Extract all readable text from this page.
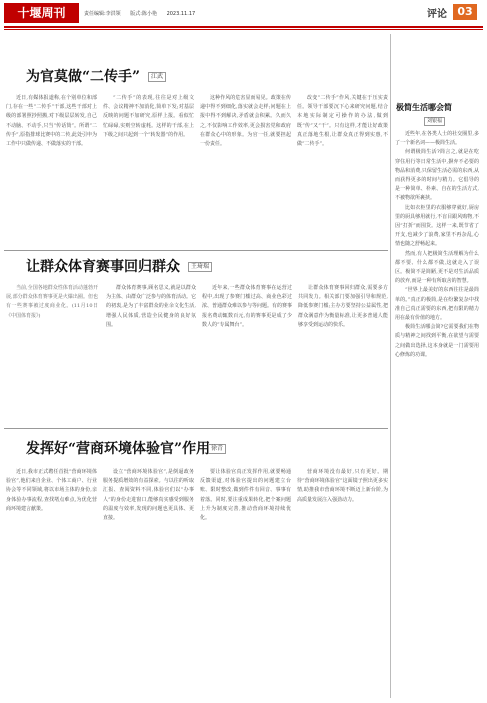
十堰周刊	责任编辑:李洪领 版式:陈小艳 2023.11.17	评论 03
为官莫做“二传手”	江武

近日,有媒体报道称,在个别单位和部门,存在一些“二传手”干部,这些干部对上级的部署照抄照搬,对下级层层转发,自己不动脑、不动手,只当“传话筒”。所谓“二传手”,原指排球比赛中的二传,此处引申为工作中只做传递、不做落实的干部。

“二传手”的表现,往往是对上级文件、会议精神不加消化,简单下发;对基层反映的问题不加研究,原样上报。看似忙忙碌碌,实则空转虚耗。这样的干部,在上下级之间只起到一个“转发器”的作用。

这种作风的危害显而易见。政策在传递中得不到细化,落实就会走样;问题在上报中得不到解决,矛盾就会积累。久而久之,不仅影响工作效率,更会损害党和政府在群众心中的形象。为官一任,就要担起一份责任。

改变“二传手”作风,关键在于压实责任。领导干部要沉下心来研究问题,结合本地实际制定可操作的办法,做到既“传”又“干”。只有这样,才能让好政策真正落地生根,让群众真正得到实惠,不做“二传手”。

让群众体育赛事回归群众	王琦瑞

当前,全国各地群众性体育活动蓬勃开展,部分群众体育赛事更是火爆出圈。但也有一些赛事被过度商业化。(11月10日《中国体育报》)

群众体育赛事,顾名思义,就是以群众为主体、由群众广泛参与的体育活动。它的初衷,是为了丰富群众的业余文化生活,增强人民体质,营造全民健身的良好氛围。

近年来,一些群众体育赛事在运营过程中,出现了参赛门槛过高、商业色彩过浓、普通群众难以参与等问题。有的赛事报名费动辄数百元,有的赛事更是成了少数人的“专属舞台”。

让群众体育赛事回归群众,需要多方共同发力。相关部门要加强引导和规范,降低参赛门槛;主办方要坚持公益属性,把群众满意作为衡量标准,让更多普通人能够享受到运动的快乐。

发挥好“营商环境体验官”作用 徐青

近日,我市正式聘任首批“营商环境体验官”,他们来自企业、个体工商户、行业协会等不同领域,将以市场主体的身份,亲身体验办事流程,查找堵点难点,为优化营商环境建言献策。

设立“营商环境体验官”,是倒逼政务服务提质增效的有益探索。与以往的听取汇报、查阅资料不同,体验官们以“办事人”的身份走进窗口,能够真实感受到服务的温度与效率,发现的问题也更具体、更直接。

要让体验官真正发挥作用,就要畅通反馈渠道,对体验官提出的问题建立台账、限时整改,做到件件有回音、事事有着落。同时,要注重成果转化,把个案问题上升为制度完善,推动营商环境持续优化。

营商环境没有最好,只有更好。期待“营商环境体验官”这面镜子照出更多实情,助推我市营商环境不断迈上新台阶,为高质量发展注入强劲动力。

极简生活哪会简
刘银福

近些年,在各类人士的社交圈里,多了一个新名词——极简生活。

何谓极简生活?简言之,就是在吃穿住用行等日常生活中,摒弃不必要的物品和消费,只保留生活必需的东西,从而获得更多的时间与精力。它倡导的是一种简单、朴素、自在的生活方式,不被物欲所裹挟。

比如衣柜里的衣服够穿就好,厨房里的厨具够用就行,不盲目跟风购物,不因“打折”而囤货。这样一来,既节省了开支,也减少了浪费,家里不再杂乱,心情也随之舒畅起来。

然而,有人把极简生活理解为什么都不要、什么都不做,这就走入了误区。极简不是简陋,更不是对生活品质的放弃,而是一种有所取舍的智慧。

“世界上最美好的东西往往是最简单的。”真正的极简,是在纷繁复杂中找准自己真正需要的东西,把有限的精力用在最有价值的地方。

极简生活哪会简?它需要我们在物质与精神之间找到平衡,在欲望与需要之间做出选择,这本身就是一门需要用心修炼的功课。
